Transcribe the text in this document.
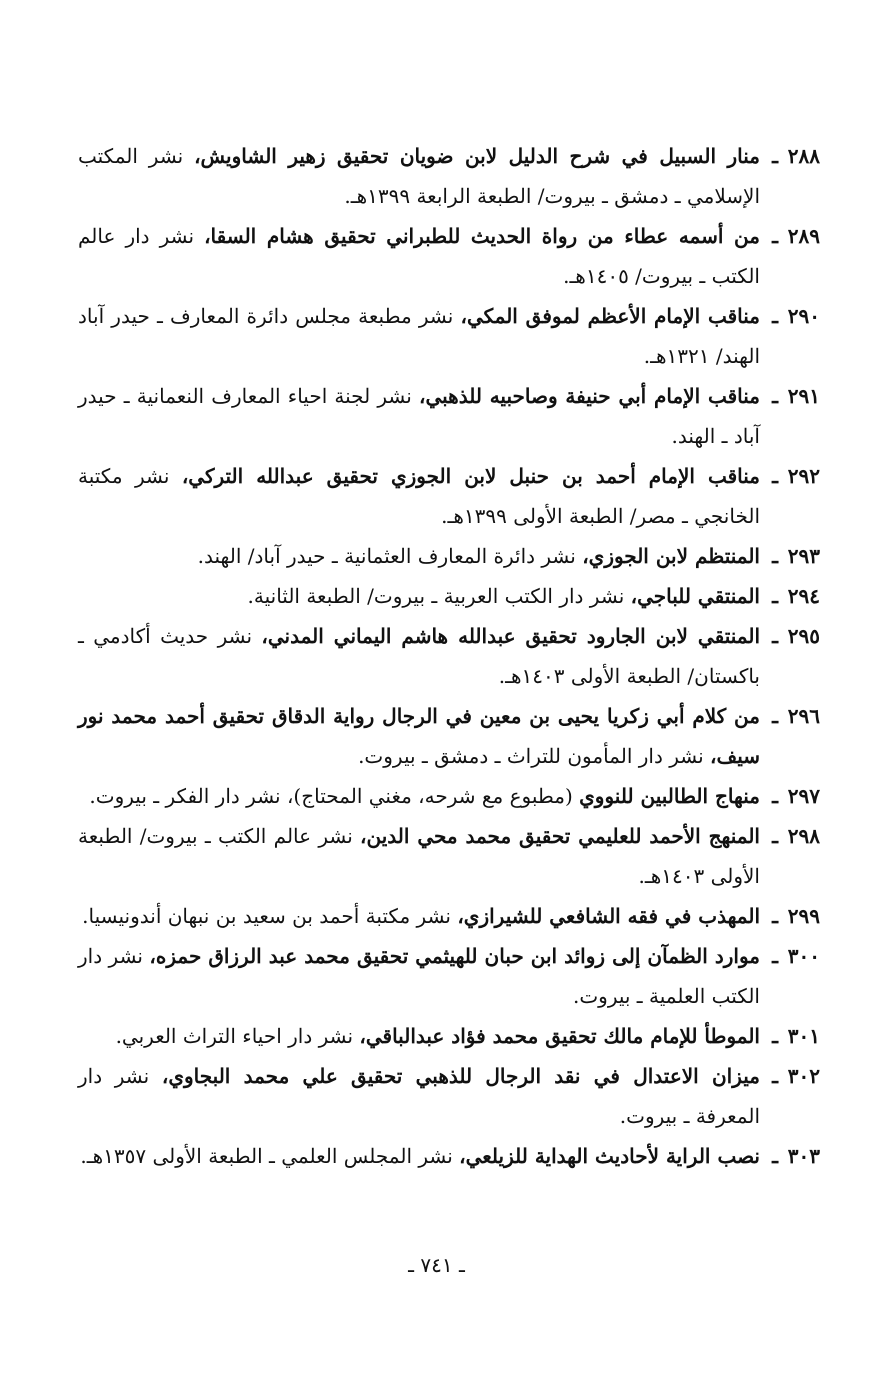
٢٨٨
ـ
منار السبيل في شرح الدليل لابن ضويان تحقيق زهير الشاويش، نشر المكتب الإسلامي ـ دمشق ـ بيروت/ الطبعة الرابعة ١٣٩٩هـ.
٢٨٩
ـ
من أسمه عطاء من رواة الحديث للطبراني تحقيق هشام السقا، نشر دار عالم الكتب ـ بيروت/ ١٤٠٥هـ.
٢٩٠
ـ
مناقب الإمام الأعظم لموفق المكي، نشر مطبعة مجلس دائرة المعارف ـ حيدر آباد الهند/ ١٣٢١هـ.
٢٩١
ـ
مناقب الإمام أبي حنيفة وصاحبيه للذهبي، نشر لجنة احياء المعارف النعمانية ـ حيدر آباد ـ الهند.
٢٩٢
ـ
مناقب الإمام أحمد بن حنبل لابن الجوزي تحقيق عبدالله التركي، نشر مكتبة الخانجي ـ مصر/ الطبعة الأولى ١٣٩٩هـ.
٢٩٣
ـ
المنتظم لابن الجوزي، نشر دائرة المعارف العثمانية ـ حيدر آباد/ الهند.
٢٩٤
ـ
المنتقي للباجي، نشر دار الكتب العربية ـ بيروت/ الطبعة الثانية.
٢٩٥
ـ
المنتقي لابن الجارود تحقيق عبدالله هاشم اليماني المدني، نشر حديث أكادمي ـ باكستان/ الطبعة الأولى ١٤٠٣هـ.
٢٩٦
ـ
من كلام أبي زكريا يحيى بن معين في الرجال رواية الدقاق تحقيق أحمد محمد نور سيف، نشر دار المأمون للتراث ـ دمشق ـ بيروت.
٢٩٧
ـ
منهاج الطالبين للنووي (مطبوع مع شرحه، مغني المحتاج)، نشر دار الفكر ـ بيروت.
٢٩٨
ـ
المنهج الأحمد للعليمي تحقيق محمد محي الدين، نشر عالم الكتب ـ بيروت/ الطبعة الأولى ١٤٠٣هـ.
٢٩٩
ـ
المهذب في فقه الشافعي للشيرازي، نشر مكتبة أحمد بن سعيد بن نبهان أندونيسيا.
٣٠٠
ـ
موارد الظمآن إلى زوائد ابن حبان للهيثمي تحقيق محمد عبد الرزاق حمزه، نشر دار الكتب العلمية ـ بيروت.
٣٠١
ـ
الموطأ للإمام مالك تحقيق محمد فؤاد عبدالباقي، نشر دار احياء التراث العربي.
٣٠٢
ـ
ميزان الاعتدال في نقد الرجال للذهبي تحقيق علي محمد البجاوي، نشر دار المعرفة ـ بيروت.
٣٠٣
ـ
نصب الراية لأحاديث الهداية للزيلعي، نشر المجلس العلمي ـ الطبعة الأولى ١٣٥٧هـ.
ـ ٧٤١ ـ
